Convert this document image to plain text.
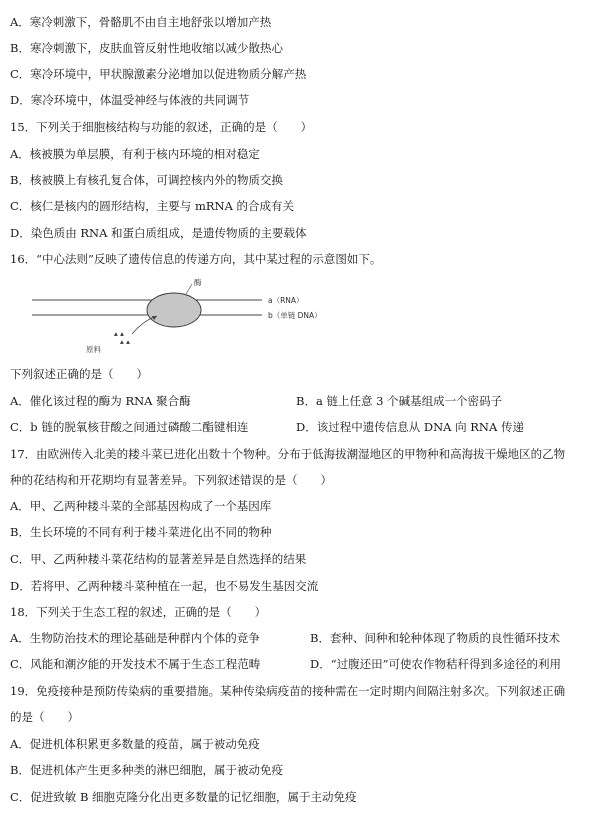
A．寒冷刺激下，骨骼肌不由自主地舒张以增加产热
B．寒冷刺激下，皮肤血管反射性地收缩以减少散热心
C．寒冷环境中，甲状腺激素分泌增加以促进物质分解产热
D．寒冷环境中，体温受神经与体液的共同调节
15．下列关于细胞核结构与功能的叙述，正确的是（　　）
A．核被膜为单层膜，有利于核内环境的相对稳定
B．核被膜上有核孔复合体，可调控核内外的物质交换
C．核仁是核内的圆形结构，主要与 mRNA 的合成有关
D．染色质由 RNA 和蛋白质组成，是遗传物质的主要载体
16．“中心法则”反映了遗传信息的传递方向，其中某过程的示意图如下。
酶
a（RNA）
b（单链 DNA）
▴ ▴
▴ ▴
原料
下列叙述正确的是（　　）
A．催化该过程的酶为 RNA 聚合酶	B．a 链上任意 3 个碱基组成一个密码子
C．b 链的脱氧核苷酸之间通过磷酸二酯键相连	D．该过程中遗传信息从 DNA 向 RNA 传递
17．由欧洲传入北美的耧斗菜已进化出数十个物种。分布于低海拔潮湿地区的甲物种和高海拔干燥地区的乙物
种的花结构和开花期均有显著差异。下列叙述错误的是（　　）
A．甲、乙两种耧斗菜的全部基因构成了一个基因库
B．生长环境的不同有利于耧斗菜进化出不同的物种
C．甲、乙两种耧斗菜花结构的显著差异是自然选择的结果
D．若将甲、乙两种耧斗菜种植在一起，也不易发生基因交流
18．下列关于生态工程的叙述，正确的是（　　）
A．生物防治技术的理论基础是种群内个体的竞争	B．套种、间种和轮种体现了物质的良性循环技术
C．风能和潮汐能的开发技术不属于生态工程范畴	D．“过腹还田”可使农作物秸秆得到多途径的利用
19．免疫接种是预防传染病的重要措施。某种传染病疫苗的接种需在一定时期内间隔注射多次。下列叙述正确
的是（　　）
A．促进机体积累更多数量的疫苗，属于被动免疫
B．促进机体产生更多种类的淋巴细胞，属于被动免疫
C．促进致敏 B 细胞克隆分化出更多数量的记忆细胞，属于主动免疫
